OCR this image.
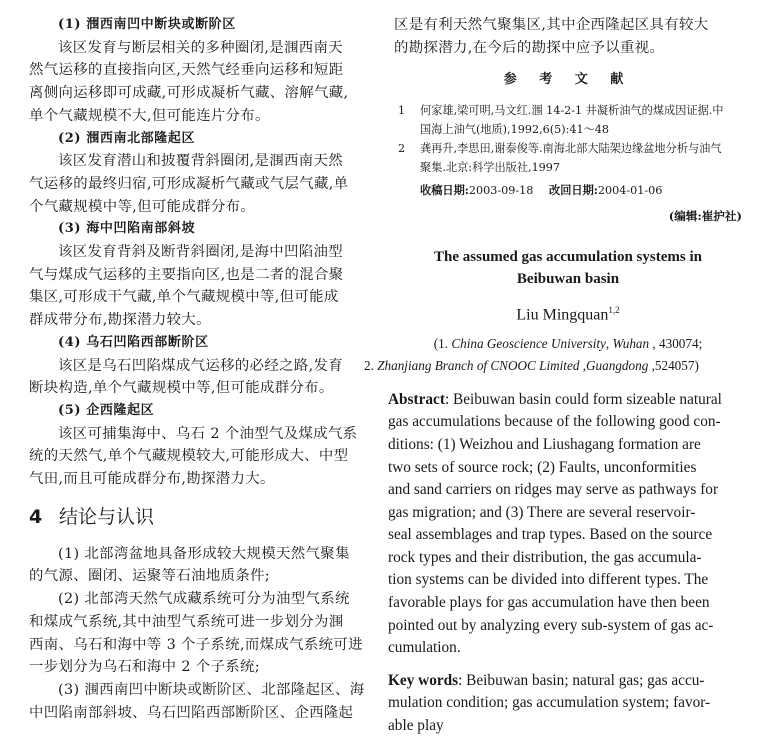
(1) 涠西南凹中断块或断阶区
该区发育与断层相关的多种圈闭,是涠西南天
然气运移的直接指向区,天然气经垂向运移和短距
离侧向运移即可成藏,可形成凝析气藏、溶解气藏,
单个气藏规模不大,但可能连片分布。
(2) 涠西南北部隆起区
该区发育潜山和披覆背斜圈闭,是涠西南天然
气运移的最终归宿,可形成凝析气藏或气层气藏,单
个气藏规模中等,但可能成群分布。
(3) 海中凹陷南部斜坡
该区发育背斜及断背斜圈闭,是海中凹陷油型
气与煤成气运移的主要指向区,也是二者的混合聚
集区,可形成干气藏,单个气藏规模中等,但可能成
群成带分布,勘探潜力较大。
(4) 乌石凹陷西部断阶区
该区是乌石凹陷煤成气运移的必经之路,发育
断块构造,单个气藏规模中等,但可能成群分布。
(5) 企西隆起区
该区可捕集海中、乌石 2 个油型气及煤成气系
统的天然气,单个气藏规模较大,可能形成大、中型
气田,而且可能成群分布,勘探潜力大。
4 结论与认识
(1) 北部湾盆地具备形成较大规模天然气聚集
的气源、圈闭、运聚等石油地质条件;
(2) 北部湾天然气成藏系统可分为油型气系统
和煤成气系统,其中油型气系统可进一步划分为涠
西南、乌石和海中等 3 个子系统,而煤成气系统可进
一步划分为乌石和海中 2 个子系统;
(3) 涠西南凹中断块或断阶区、北部隆起区、海
中凹陷南部斜坡、乌石凹陷西部断阶区、企西隆起
区是有利天然气聚集区,其中企西隆起区具有较大
的勘探潜力,在今后的勘探中应予以重视。
参 考 文 献
1 何家雄,梁可明,马文红.涠 14-2-1 井凝析油气的煤成因证据.中
国海上油气(地质),1992,6(5):41～48
2 龚再升,李思田,谢泰俊等.南海北部大陆架边缘盆地分析与油气
聚集.北京:科学出版社,1997
收稿日期:2003-09-18 改回日期:2004-01-06
(编辑:崔护社)
The assumed gas accumulation systems in
Beibuwan basin
Liu Mingquan$^{1,2}$
(1. China Geoscience University, Wuhan , 430074;
2. Zhanjiang Branch of CNOOC Limited ,Guangdong ,524057)
Abstract: Beibuwan basin could form sizeable natural
gas accumulations because of the following good con-
ditions: (1) Weizhou and Liushagang formation are
two sets of source rock; (2) Faults, unconformities
and sand carriers on ridges may serve as pathways for
gas migration; and (3) There are several reservoir-
seal assemblages and trap types. Based on the source
rock types and their distribution, the gas accumula-
tion systems can be divided into different types. The
favorable plays for gas accumulation have then been
pointed out by analyzing every sub-system of gas ac-
cumulation.
Key words: Beibuwan basin; natural gas; gas accu-
mulation condition; gas accumulation system; favor-
able play
